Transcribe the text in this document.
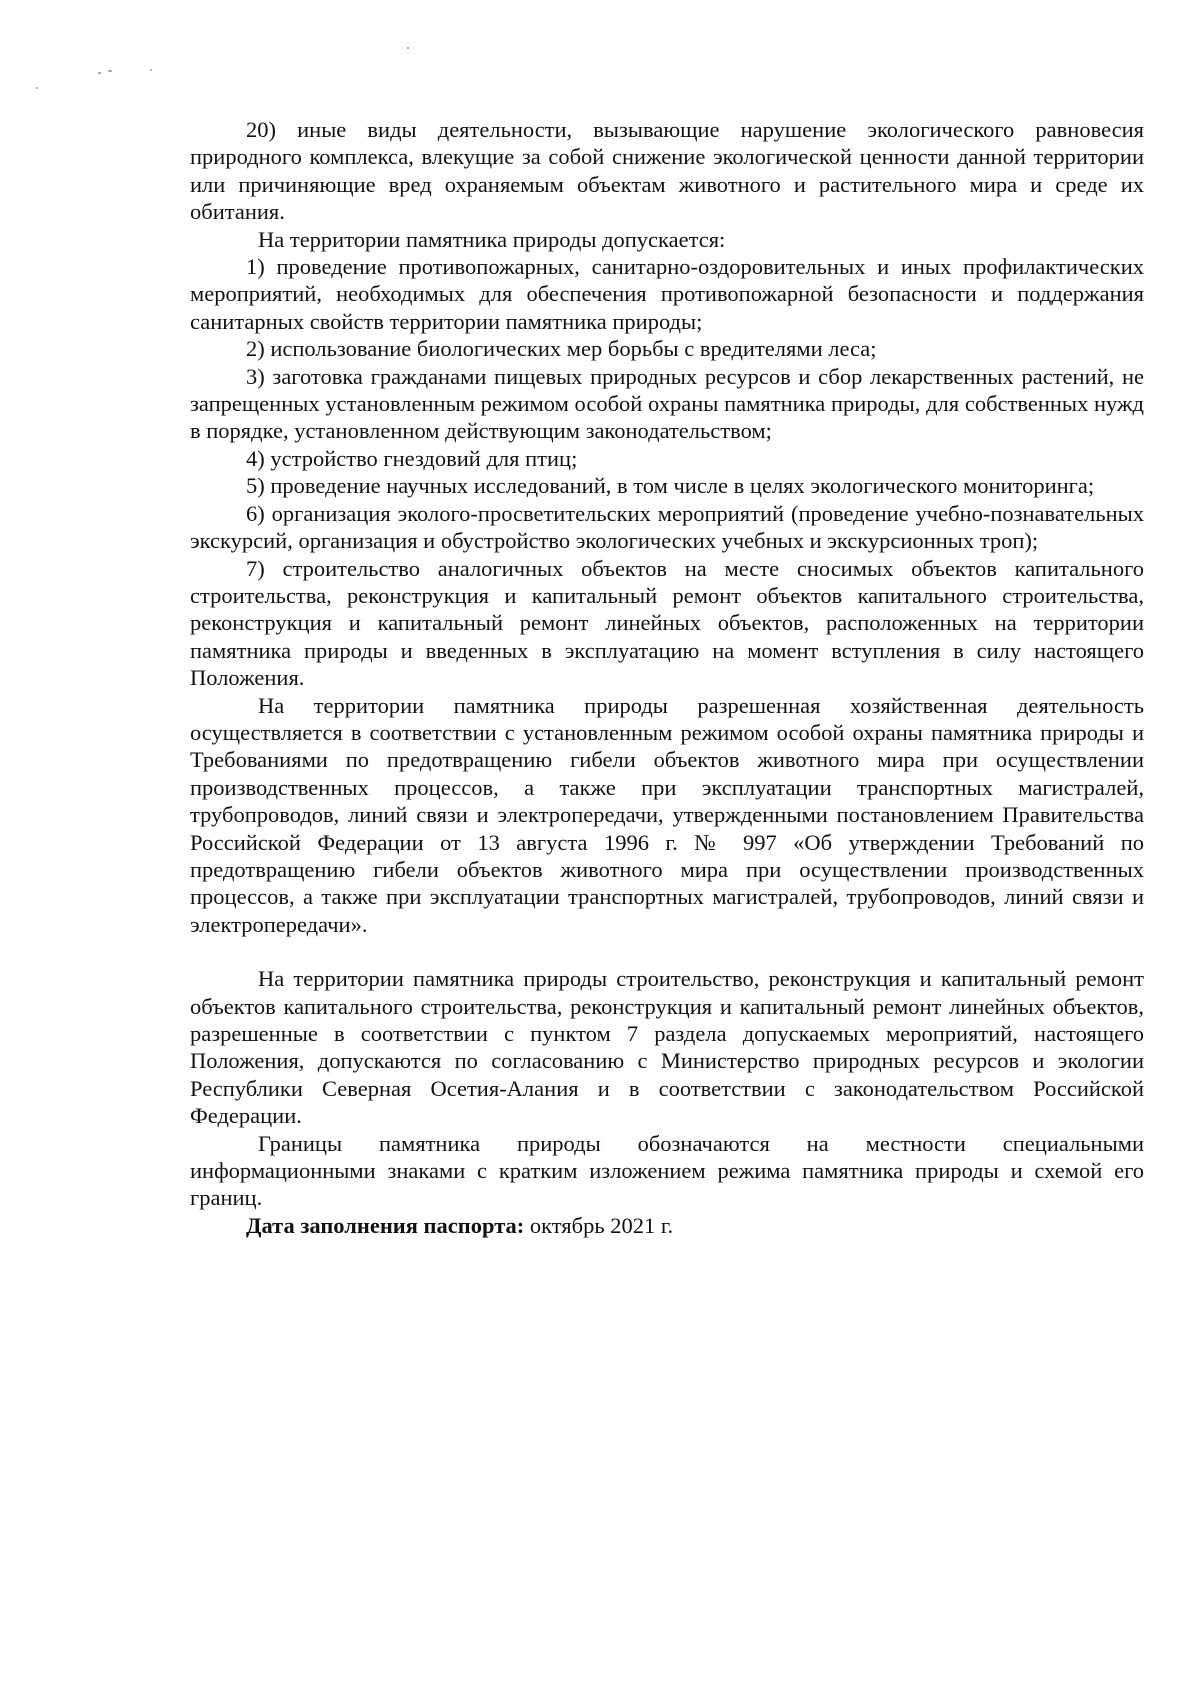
20) иные виды деятельности, вызывающие нарушение экологического равновесия природного комплекса, влекущие за собой снижение экологической ценности данной территории или причиняющие вред охраняемым объектам животного и растительного мира и среде их обитания.

На территории памятника природы допускается:

1) проведение противопожарных, санитарно-оздоровительных и иных профилактических мероприятий, необходимых для обеспечения противопожарной безопасности и поддержания санитарных свойств территории памятника природы;

2) использование биологических мер борьбы с вредителями леса;

3) заготовка гражданами пищевых природных ресурсов и сбор лекарственных растений, не запрещенных установленным режимом особой охраны памятника природы, для собственных нужд в порядке, установленном действующим законодательством;

4) устройство гнездовий для птиц;

5) проведение научных исследований, в том числе в целях экологического мониторинга;

6) организация эколого-просветительских мероприятий (проведение учебно-познавательных экскурсий, организация и обустройство экологических учебных и экскурсионных троп);

7) строительство аналогичных объектов на месте сносимых объектов капитального строительства, реконструкция и капитальный ремонт объектов капитального строительства, реконструкция и капитальный ремонт линейных объектов, расположенных на территории памятника природы и введенных в эксплуатацию на момент вступления в силу настоящего Положения.

На территории памятника природы разрешенная хозяйственная деятельность осуществляется в соответствии с установленным режимом особой охраны памятника природы и Требованиями по предотвращению гибели объектов животного мира при осуществлении производственных процессов, а также при эксплуатации транспортных магистралей, трубопроводов, линий связи и электропередачи, утвержденными постановлением Правительства Российской Федерации от 13 августа 1996 г. № 997 «Об утверждении Требований по предотвращению гибели объектов животного мира при осуществлении производственных процессов, а также при эксплуатации транспортных магистралей, трубопроводов, линий связи и электропередачи».

На территории памятника природы строительство, реконструкция и капитальный ремонт объектов капитального строительства, реконструкция и капитальный ремонт линейных объектов, разрешенные в соответствии с пунктом 7 раздела допускаемых мероприятий, настоящего Положения, допускаются по согласованию с Министерство природных ресурсов и экологии Республики Северная Осетия-Алания и в соответствии с законодательством Российской Федерации.

Границы памятника природы обозначаются на местности специальными информационными знаками с кратким изложением режима памятника природы и схемой его границ.

Дата заполнения паспорта: октябрь 2021 г.
